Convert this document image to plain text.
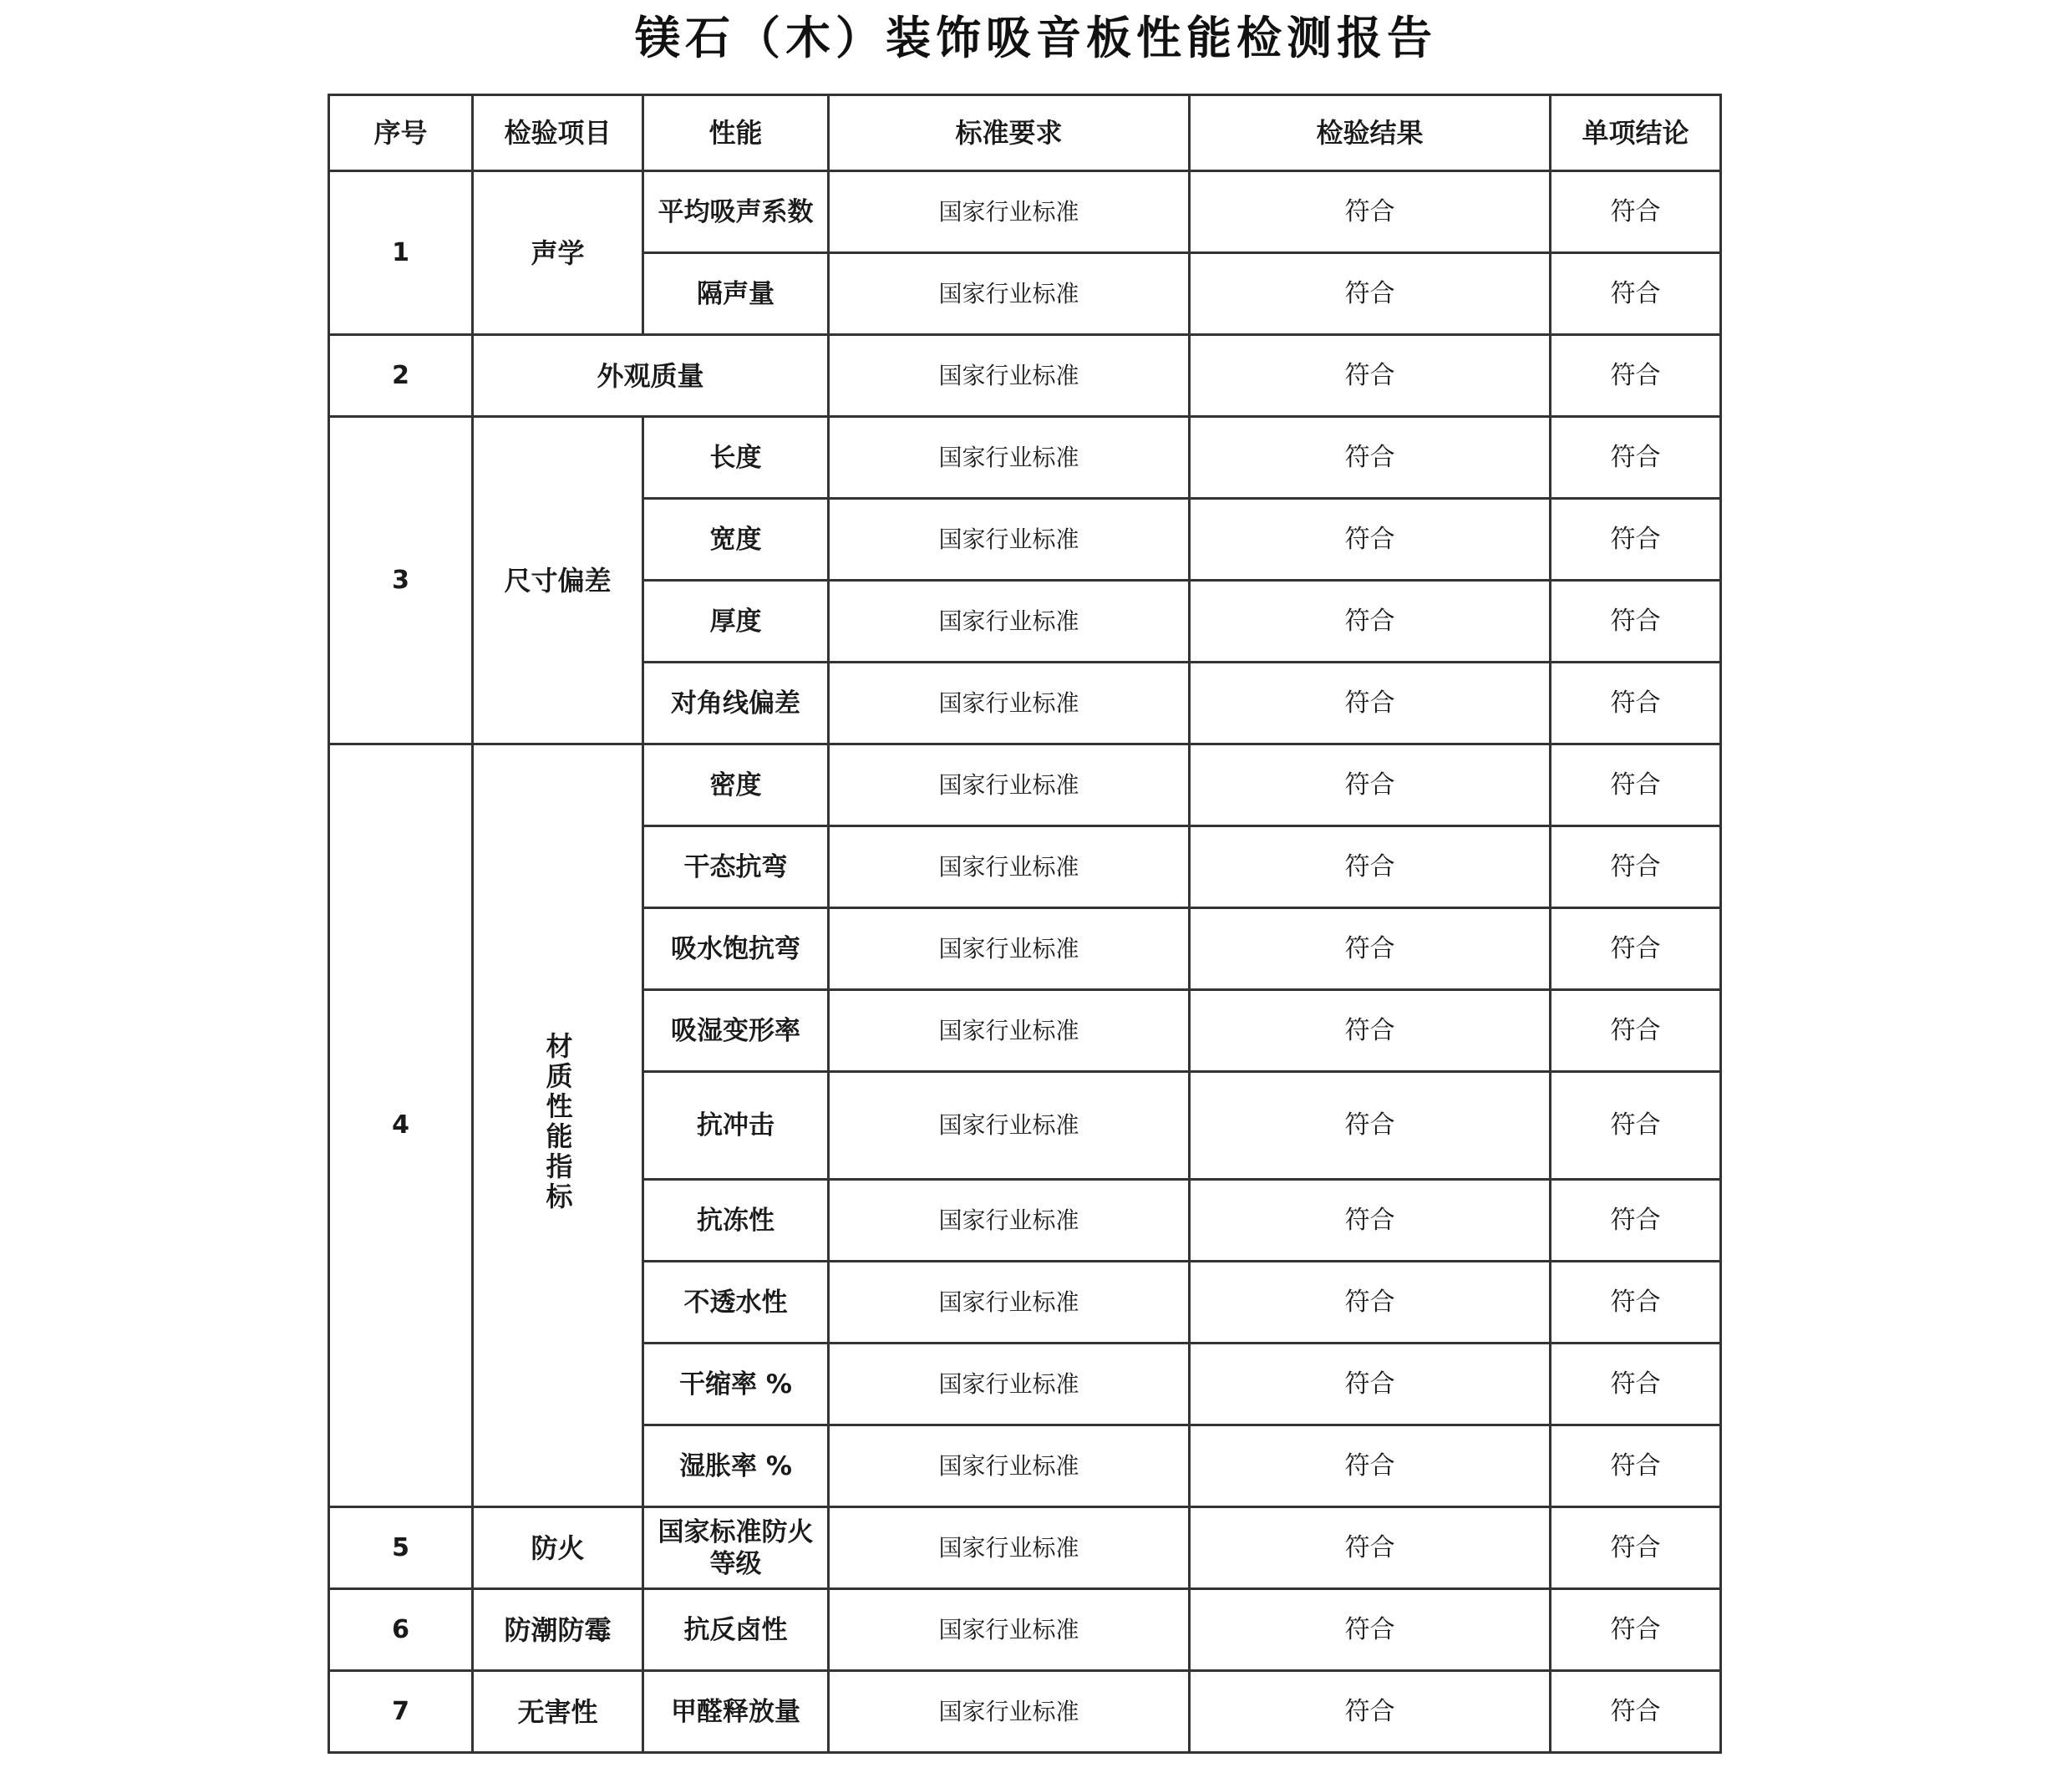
镁石（木）装饰吸音板性能检测报告
序号	检验项目	性能	标准要求	检验结果	单项结论
1	声学	平均吸声系数	国家行业标准	符合	符合
		隔声量	国家行业标准	符合	符合
2	外观质量		国家行业标准	符合	符合
3	尺寸偏差	长度	国家行业标准	符合	符合
		宽度	国家行业标准	符合	符合
		厚度	国家行业标准	符合	符合
		对角线偏差	国家行业标准	符合	符合
4	材质性能指标	密度	国家行业标准	符合	符合
		干态抗弯	国家行业标准	符合	符合
		吸水饱抗弯	国家行业标准	符合	符合
		吸湿变形率	国家行业标准	符合	符合
		抗冲击	国家行业标准	符合	符合
		抗冻性	国家行业标准	符合	符合
		不透水性	国家行业标准	符合	符合
		干缩率 %	国家行业标准	符合	符合
		湿胀率 %	国家行业标准	符合	符合
5	防火	国家标准防火等级	国家行业标准	符合	符合
6	防潮防霉	抗反卤性	国家行业标准	符合	符合
7	无害性	甲醛释放量	国家行业标准	符合	符合
